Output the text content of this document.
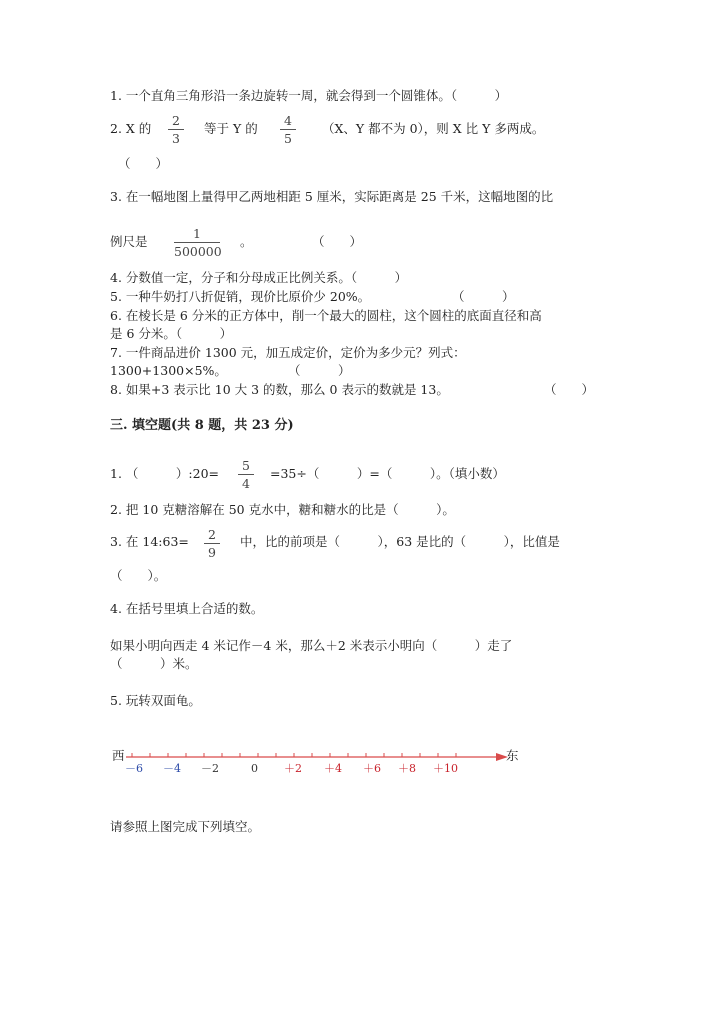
1. 一个直角三角形沿一条边旋转一周，就会得到一个圆锥体。（　　　）
2. X 的
2
3
等于 Y 的
4
5
（X、Y 都不为 0），则 X 比 Y 多两成。
（　　）
3. 在一幅地图上量得甲乙两地相距 5 厘米，实际距离是 25 千米，这幅地图的比
例尺是
1
500000
。	（　　）
4. 分数值一定，分子和分母成正比例关系。（　　　）
5. 一种牛奶打八折促销，现价比原价少 20%。	（　　　）
6. 在棱长是 6 分米的正方体中，削一个最大的圆柱，这个圆柱的底面直径和高
是 6 分米。（　　　）
7. 一件商品进价 1300 元，加五成定价，定价为多少元？列式：
1300+1300×5%。	（　　　）
8. 如果+3 表示比 10 大 3 的数，那么 0 表示的数就是 13。	（　　）
三. 填空题(共 8 题，共 23 分)
1. （　　　）:20=
5
4
=35÷（　　　）=（　　　）。（填小数）
2. 把 10 克糖溶解在 50 克水中，糖和糖水的比是（　　　）。
3. 在 14:63=	2
9
中，比的前项是（　　　），63 是比的（　　　），比值是
（　　）。
4. 在括号里填上合适的数。
如果小明向西走 4 米记作－4 米，那么＋2 米表示小明向（　　　）走了
（　　　）米。
5. 玩转双面龟。
西	东
－6 －4 －2	0 ＋2 ＋4 ＋6 ＋8 ＋10
请参照上图完成下列填空。
